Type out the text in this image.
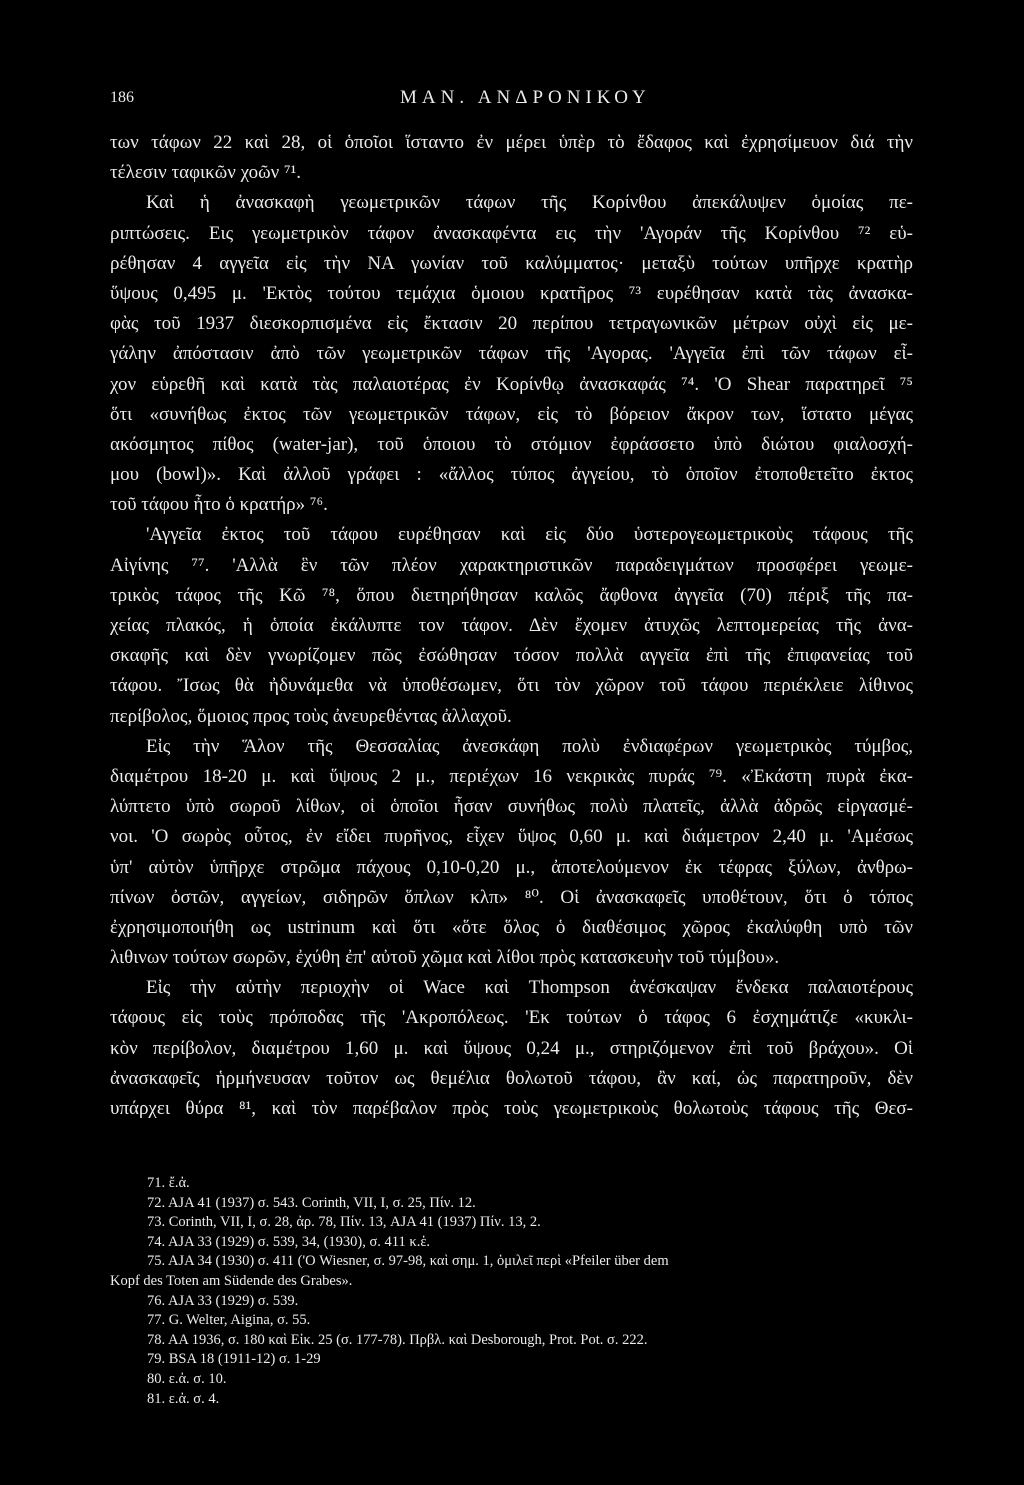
186	ΜΑΝ. ΑΝΔΡΟΝΙΚΟΥ
των τάφων 22 καὶ 28, οἱ ὁποῖοι ἵσταντο ἐν μέρει ὑπὲρ τὸ ἔδαφος καὶ ἐχρησίμευον διά τὴν
τέλεσιν ταφικῶν χοῶν ⁷¹.
Καὶ ἡ ἀνασκαφὴ γεωμετρικῶν τάφων τῆς Κορίνθου ἀπεκάλυψεν ὁμοίας πε-
ριπτώσεις. Εις γεωμετρικὸν τάφον ἀνασκαφέντα εις τὴν 'Αγοράν τῆς Κορίνθου ⁷² εὑ-
ρέθησαν 4 αγγεῖα εἰς τὴν ΝΑ γωνίαν τοῦ καλύμματος· μεταξὺ τούτων υπῆρχε κρατὴρ
ὕψους 0,495 μ. 'Εκτὸς τούτου τεμάχια ὁμοιου κρατῆρος ⁷³ ευρέθησαν κατὰ τὰς ἀνασκα-
φὰς τοῦ 1937 διεσκορπισμένα εἰς ἔκτασιν 20 περίπου τετραγωνικῶν μέτρων οὐχὶ εἰς με-
γάλην ἀπόστασιν ἀπὸ τῶν γεωμετρικῶν τάφων τῆς 'Αγορας. 'Αγγεῖα ἐπὶ τῶν τάφων εἶ-
χον εὑρεθῆ καὶ κατὰ τὰς παλαιοτέρας ἐν Κορίνθῳ ἀνασκαφάς ⁷⁴. 'Ο Shear παρατηρεῖ ⁷⁵
ὅτι «συνήθως ἐκτος τῶν γεωμετρικῶν τάφων, εἰς τὸ βόρειον ἄκρον των, ἵστατο μέγας
ακόσμητος πίθος (water-jar), τοῦ ὁποιου τὸ στόμιον ἐφράσσετο ὑπὸ διώτου φιαλοσχή-
μου (bowl)». Καὶ ἀλλοῦ γράφει : «ἄλλος τύπος ἀγγείου, τὸ ὁποῖον ἐτοποθετεῖτο ἐκτος
τοῦ τάφου ἦτο ὁ κρατήρ» ⁷⁶.
'Αγγεῖα ἐκτος τοῦ τάφου ευρέθησαν καὶ εἰς δύο ὑστερογεωμετρικοὺς τάφους τῆς
Αἰγίνης ⁷⁷. 'Αλλὰ ἓν τῶν πλέον χαρακτηριστικῶν παραδειγμάτων προσφέρει γεωμε-
τρικὸς τάφος τῆς Κῶ ⁷⁸, ὅπου διετηρήθησαν καλῶς ἄφθονα ἀγγεῖα (70) πέριξ τῆς πα-
χείας πλακός, ἡ ὁποία ἐκάλυπτε τον τάφον. Δὲν ἔχομεν ἀτυχῶς λεπτομερείας τῆς ἀνα-
σκαφῆς καὶ δὲν γνωρίζομεν πῶς ἐσώθησαν τόσον πολλὰ αγγεῖα ἐπὶ τῆς ἐπιφανείας τοῦ
τάφου. Ἴσως θὰ ἠδυνάμεθα νὰ ὑποθέσωμεν, ὅτι τὸν χῶρον τοῦ τάφου περιέκλειε λίθινος
περίβολος, ὅμοιος προς τοὺς ἀνευρεθέντας ἀλλαχοῦ.
Εἰς τὴν Ἅλον τῆς Θεσσαλίας ἀνεσκάφη πολὺ ἐνδιαφέρων γεωμετρικὸς τύμβος,
διαμέτρου 18-20 μ. καὶ ὕψους 2 μ., περιέχων 16 νεκρικὰς πυράς ⁷⁹. «Ἐκάστη πυρὰ ἐκα-
λύπτετο ὑπὸ σωροῦ λίθων, οἱ ὁποῖοι ἦσαν συνήθως πολὺ πλατεῖς, ἀλλὰ ἀδρῶς εἰργασμέ-
νοι. 'Ο σωρὸς οὗτος, ἐν εἴδει πυρῆνος, εἶχεν ὕψος 0,60 μ. καὶ διάμετρον 2,40 μ. 'Αμέσως
ὑπ' αὐτὸν ὑπῆρχε στρῶμα πάχους 0,10-0,20 μ., ἀποτελούμενον ἐκ τέφρας ξύλων, ἀνθρω-
πίνων ὀστῶν, αγγείων, σιδηρῶν ὅπλων κλπ» ⁸⁰. Οἱ ἀνασκαφεῖς υποθέτουν, ὅτι ὁ τόπος
ἐχρησιμοποιήθη ως ustrinum καὶ ὅτι «ὅτε ὅλος ὁ διαθέσιμος χῶρος ἐκαλύφθη υπὸ τῶν
λιθινων τούτων σωρῶν, ἐχύθη ἐπ' αὐτοῦ χῶμα καὶ λίθοι πρὸς κατασκευὴν τοῦ τύμβου».
Εἰς τὴν αὐτὴν περιοχὴν οἱ Wace καὶ Thompson ἀνέσκαψαν ἕνδεκα παλαιοτέρους
τάφους εἰς τοὺς πρόποδας τῆς 'Ακροπόλεως. 'Εκ τούτων ὁ τάφος 6 ἐσχημάτιζε «κυκλι-
κὸν περίβολον, διαμέτρου 1,60 μ. καὶ ὕψους 0,24 μ., στηριζόμενον ἐπὶ τοῦ βράχου». Οἱ
ἀνασκαφεῖς ἡρμήνευσαν τοῦτον ως θεμέλια θολωτοῦ τάφου, ἂν καί, ὡς παρατηροῦν, δὲν
υπάρχει θύρα ⁸¹, καὶ τὸν παρέβαλον πρὸς τοὺς γεωμετρικοὺς θολωτοὺς τάφους τῆς Θεσ-
71. ἔ.ἀ.
72. AJA 41 (1937) σ. 543. Corinth, VII, I, σ. 25, Πίν. 12.
73. Corinth, VII, I, σ. 28, ἀρ. 78, Πίν. 13, AJA 41 (1937) Πίν. 13, 2.
74. AJA 33 (1929) σ. 539, 34, (1930), σ. 411 κ.ἑ.
75. AJA 34 (1930) σ. 411 ('Ο Wiesner, σ. 97-98, καὶ σημ. 1, ὁμιλεῖ περὶ «Pfeiler über dem
Kopf des Toten am Südende des Grabes».
76. AJA 33 (1929) σ. 539.
77. G. Welter, Aigina, σ. 55.
78. AA 1936, σ. 180 καὶ Εἰκ. 25 (σ. 177-78). Πρβλ. καὶ Desborough, Prot. Pot. σ. 222.
79. BSA 18 (1911-12) σ. 1-29
80. ε.ἀ. σ. 10.
81. ε.ἀ. σ. 4.
